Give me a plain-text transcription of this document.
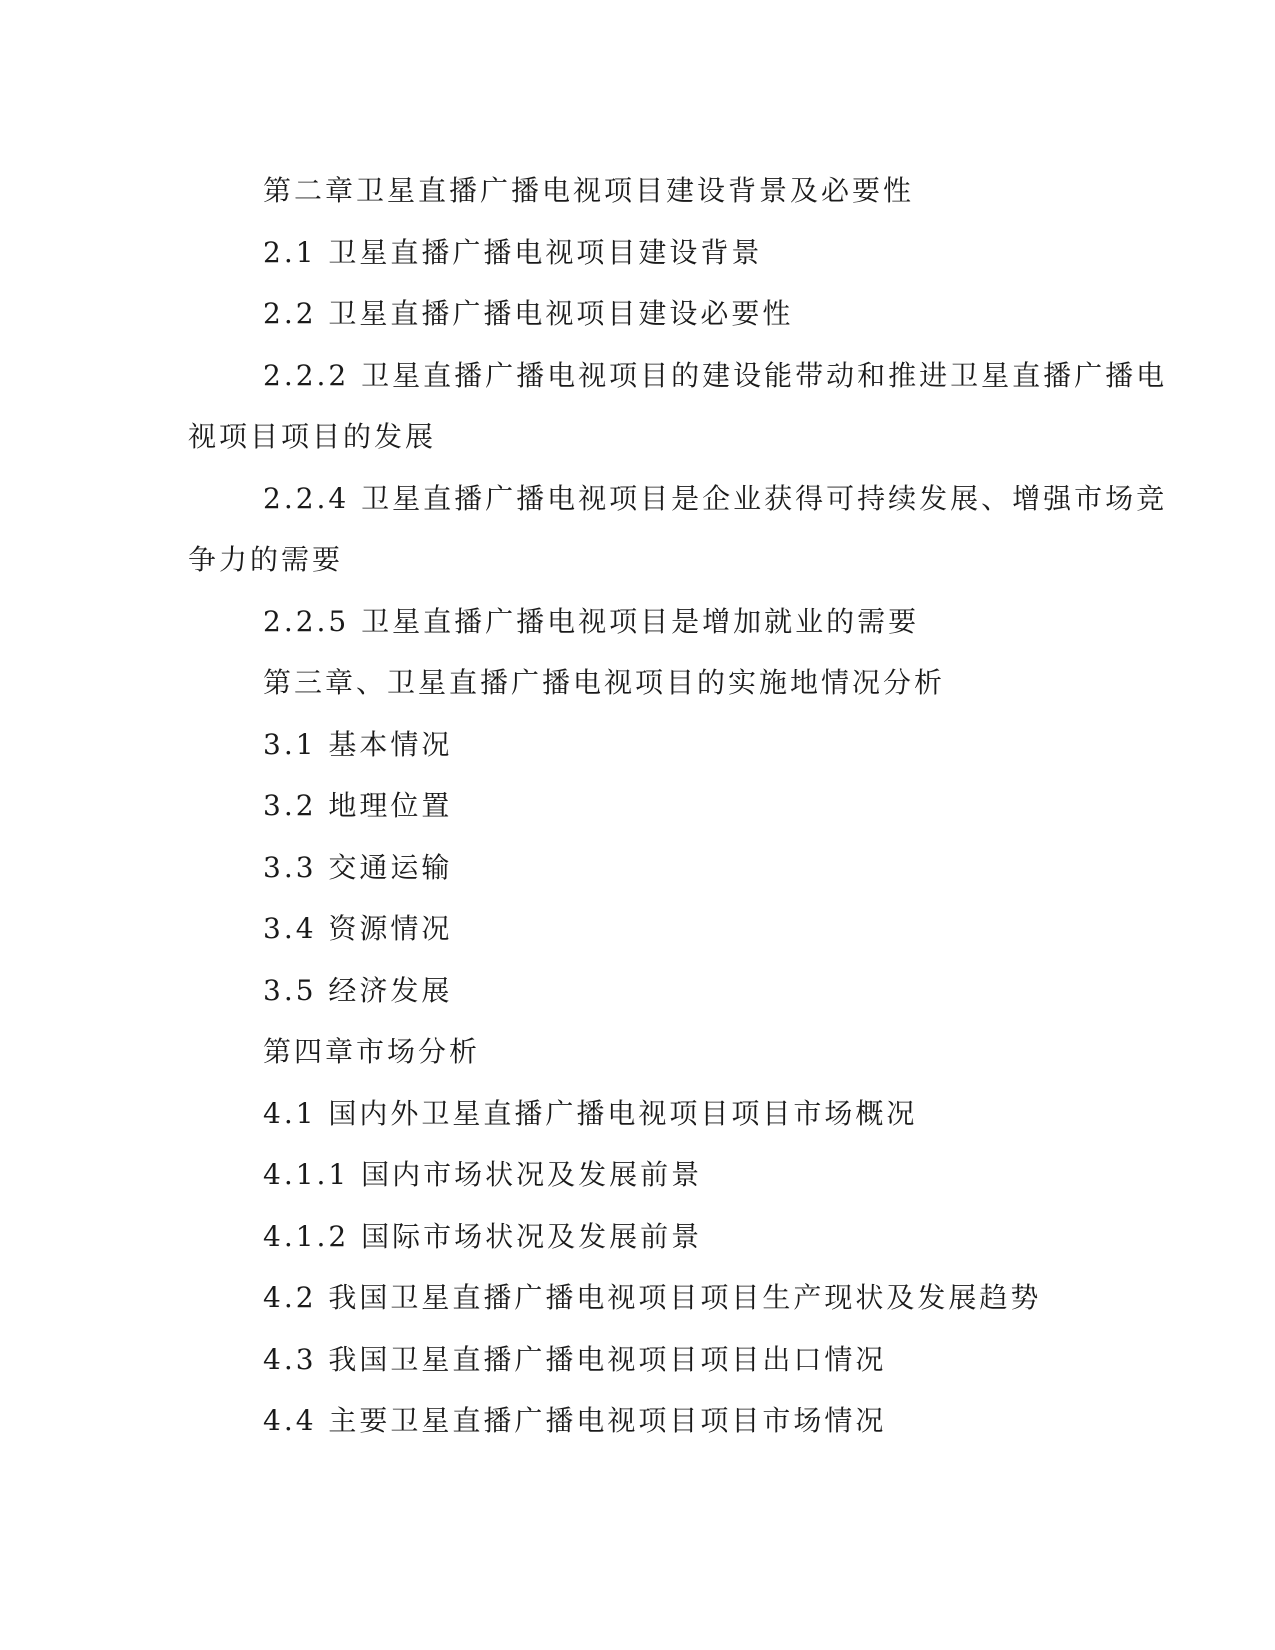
第二章卫星直播广播电视项目建设背景及必要性
2.1 卫星直播广播电视项目建设背景
2.2 卫星直播广播电视项目建设必要性
2.2.2 卫星直播广播电视项目的建设能带动和推进卫星直播广播电
视项目项目的发展
2.2.4 卫星直播广播电视项目是企业获得可持续发展、增强市场竞
争力的需要
2.2.5 卫星直播广播电视项目是增加就业的需要
第三章、卫星直播广播电视项目的实施地情况分析
3.1 基本情况
3.2 地理位置
3.3 交通运输
3.4 资源情况
3.5 经济发展
第四章市场分析
4.1 国内外卫星直播广播电视项目项目市场概况
4.1.1 国内市场状况及发展前景
4.1.2 国际市场状况及发展前景
4.2 我国卫星直播广播电视项目项目生产现状及发展趋势
4.3 我国卫星直播广播电视项目项目出口情况
4.4 主要卫星直播广播电视项目项目市场情况
